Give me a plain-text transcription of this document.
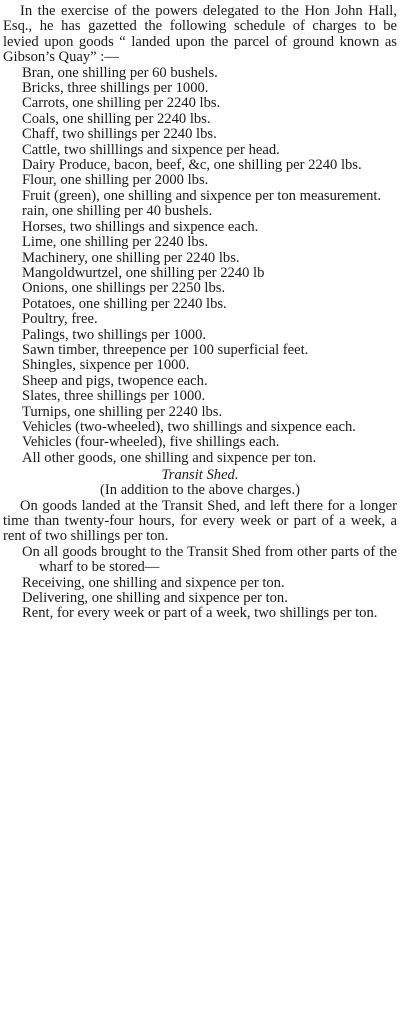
In the exercise of the powers delegated to the Hon John Hall, Esq., he has gazetted the following schedule of charges to be levied upon goods “ landed upon the parcel of ground known as Gibson’s Quay” :—

Bran, one shilling per 60 bushels.

Bricks, three shillings per 1000.

Carrots, one shilling per 2240 lbs.

Coals, one shilling per 2240 lbs.

Chaff, two shillings per 2240 lbs.

Cattle, two shilllings and sixpence per head.

Dairy Produce, bacon, beef, &c, one shilling per 2240 lbs.

Flour, one shilling per 2000 lbs.

Fruit (green), one shilling and sixpence per ton measurement.

rain, one shilling per 40 bushels.

Horses, two shillings and sixpence each.

Lime, one shilling per 2240 lbs.

Machinery, one shilling per 2240 lbs.

Mangoldwurtzel, one shilling per 2240 lb

Onions, one shillings per 2250 lbs.

Potatoes, one shilling per 2240 lbs.

Poultry, free.

Palings, two shillings per 1000.

Sawn timber, threepence per 100 superficial feet.

Shingles, sixpence per 1000.

Sheep and pigs, twopence each.

Slates, three shillings per 1000.

Turnips, one shilling per 2240 lbs.

Vehicles (two-wheeled), two shillings and sixpence each.

Vehicles (four-wheeled), five shillings each.

All other goods, one shilling and sixpence per ton.

Transit Shed.

(In addition to the above charges.)

On goods landed at the Transit Shed, and left there for a longer time than twenty-four hours, for every week or part of a week, a rent of two shillings per ton.

On all goods brought to the Transit Shed from other parts of the wharf to be stored—

Receiving, one shilling and sixpence per ton.

Delivering, one shilling and sixpence per ton.

Rent, for every week or part of a week, two shillings per ton.
